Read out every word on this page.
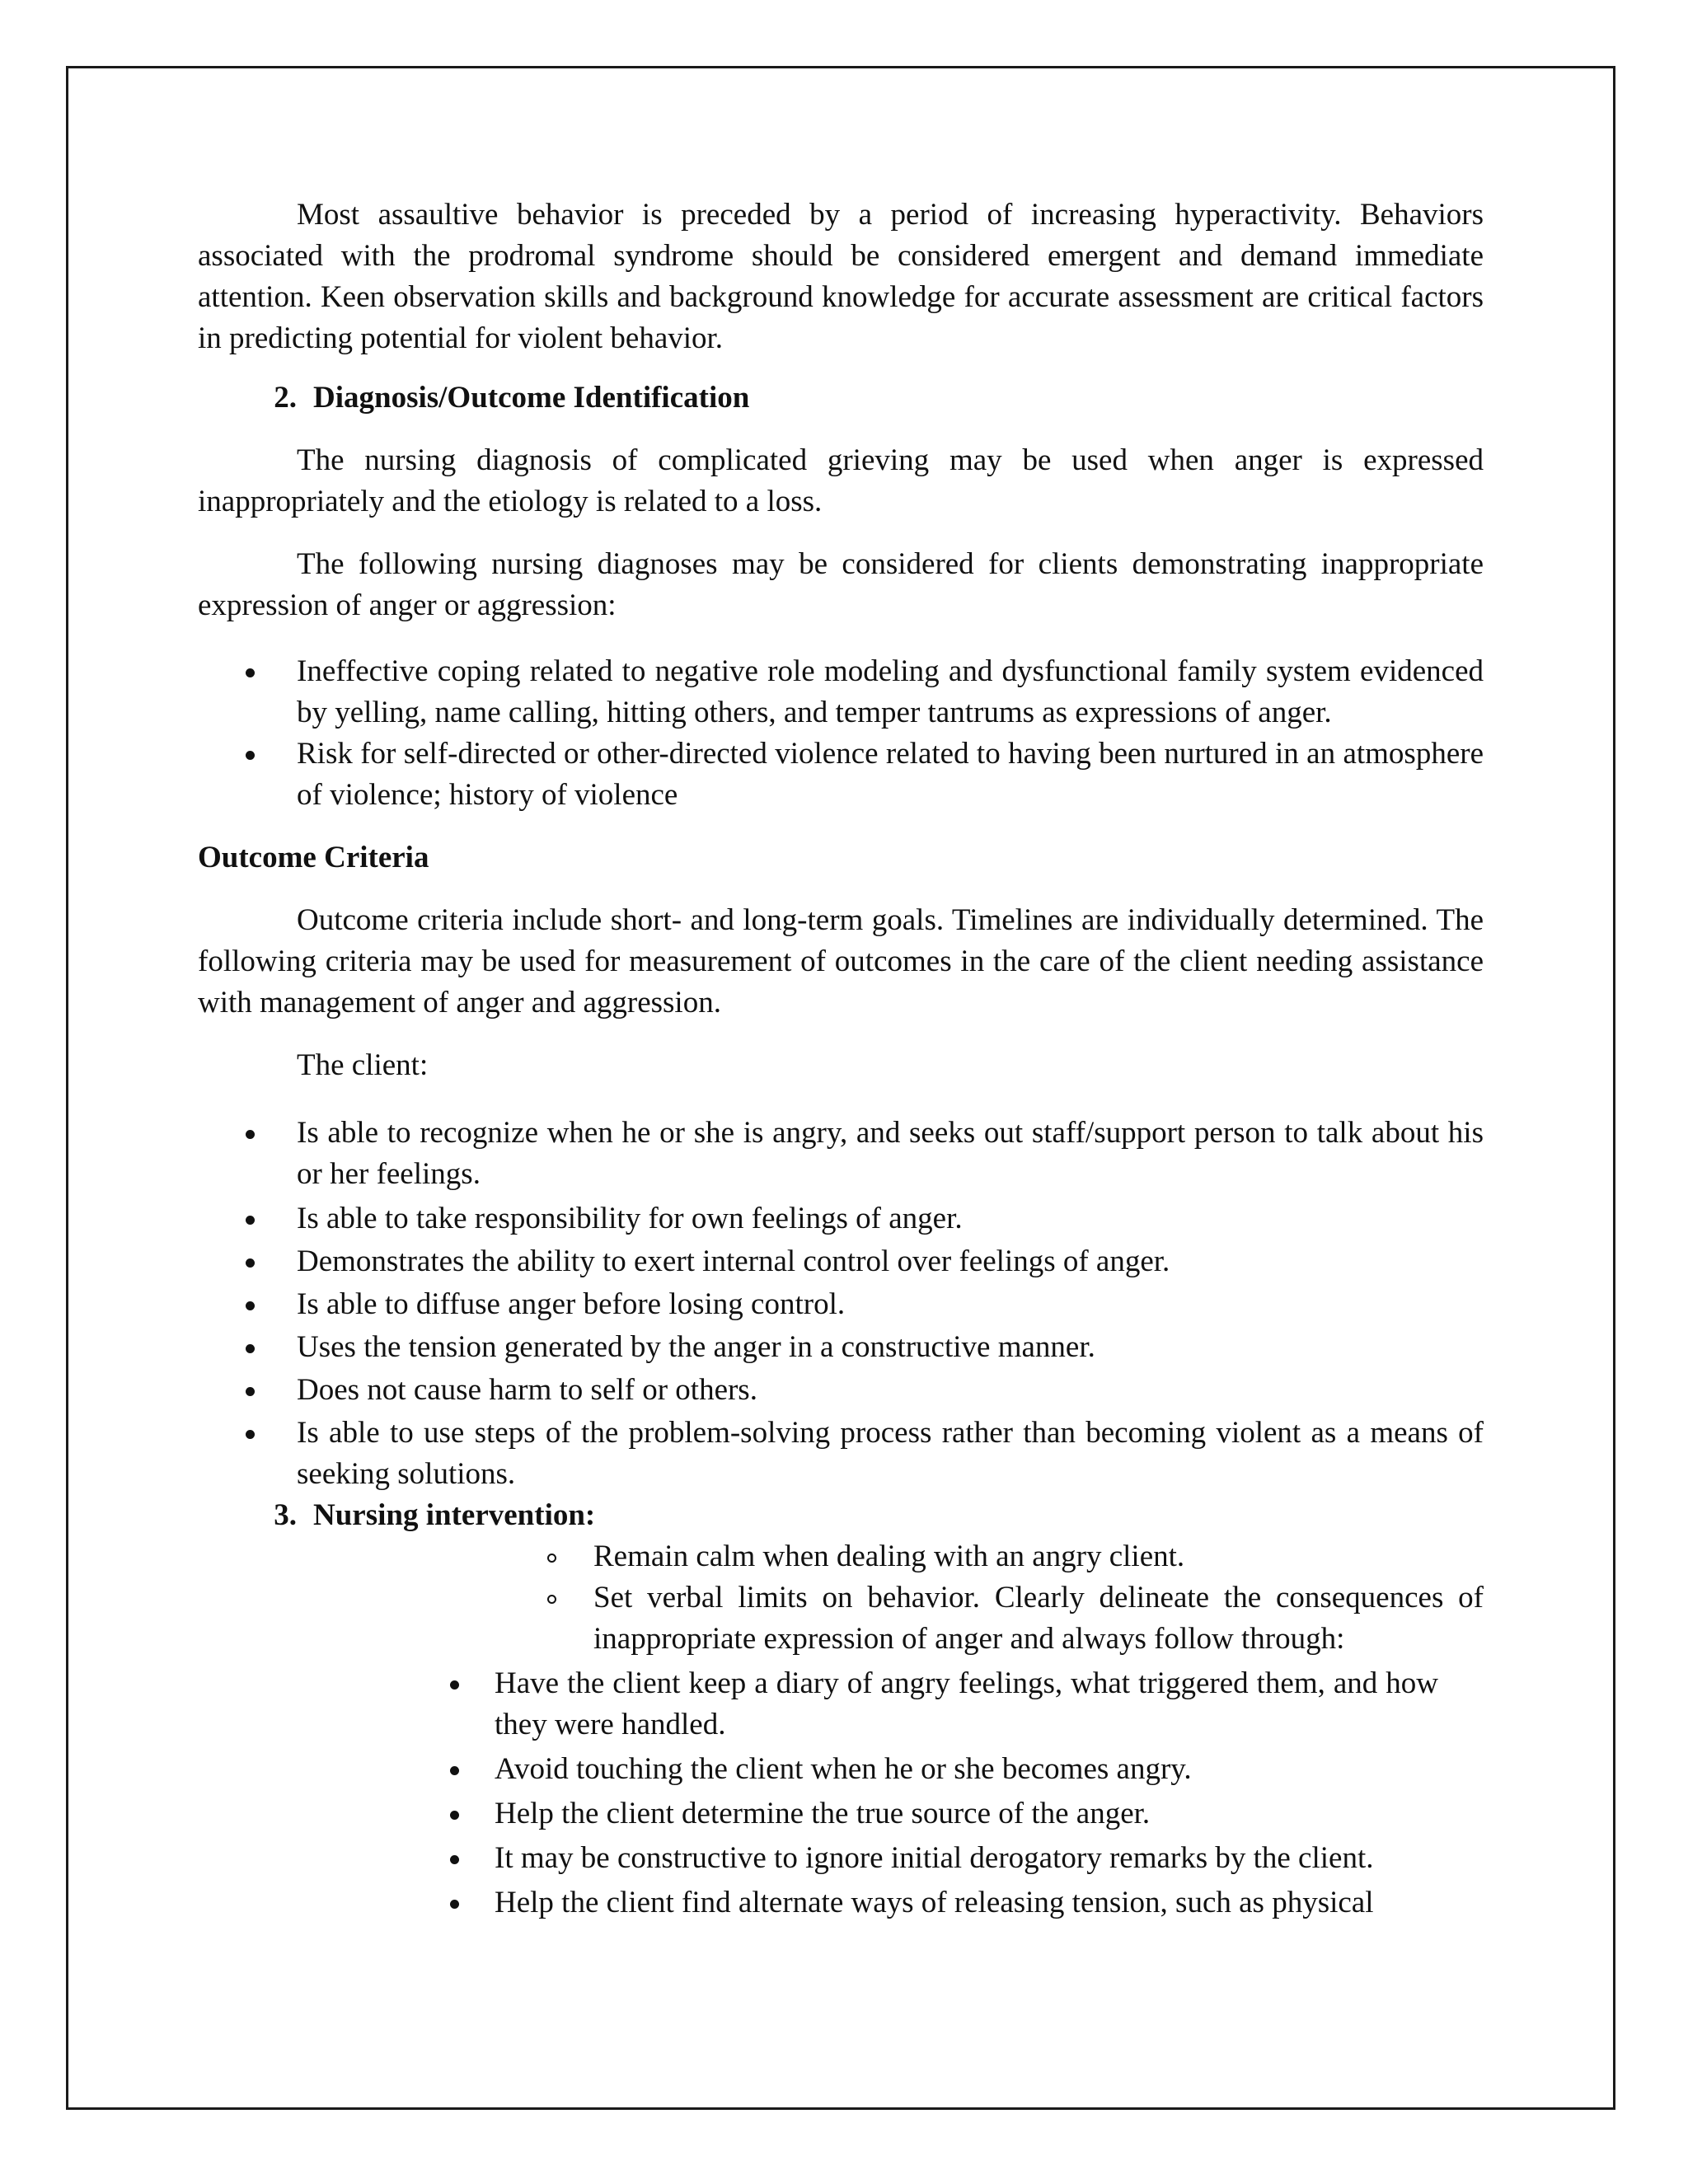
Most assaultive behavior is preceded by a period of increasing hyperactivity. Behaviors associated with the prodromal syndrome should be considered emergent and demand immediate attention. Keen observation skills and background knowledge for accurate assessment are critical factors in predicting potential for violent behavior.

2. Diagnosis/Outcome Identification

The nursing diagnosis of complicated grieving may be used when anger is expressed inappropriately and the etiology is related to a loss.

The following nursing diagnoses may be considered for clients demonstrating inappropriate expression of anger or aggression:

Ineffective coping related to negative role modeling and dysfunctional family system evidenced by yelling, name calling, hitting others, and temper tantrums as expressions of anger.
Risk for self-directed or other-directed violence related to having been nurtured in an atmosphere of violence; history of violence

Outcome Criteria

Outcome criteria include short- and long-term goals. Timelines are individually determined. The following criteria may be used for measurement of outcomes in the care of the client needing assistance with management of anger and aggression.

The client:

Is able to recognize when he or she is angry, and seeks out staff/support person to talk about his or her feelings.
Is able to take responsibility for own feelings of anger.
Demonstrates the ability to exert internal control over feelings of anger.
Is able to diffuse anger before losing control.
Uses the tension generated by the anger in a constructive manner.
Does not cause harm to self or others.
Is able to use steps of the problem-solving process rather than becoming violent as a means of seeking solutions.
3. Nursing intervention:
Remain calm when dealing with an angry client.
Set verbal limits on behavior. Clearly delineate the consequences of inappropriate expression of anger and always follow through:
Have the client keep a diary of angry feelings, what triggered them, and how they were handled.
Avoid touching the client when he or she becomes angry.
Help the client determine the true source of the anger.
It may be constructive to ignore initial derogatory remarks by the client.
Help the client find alternate ways of releasing tension, such as physical
